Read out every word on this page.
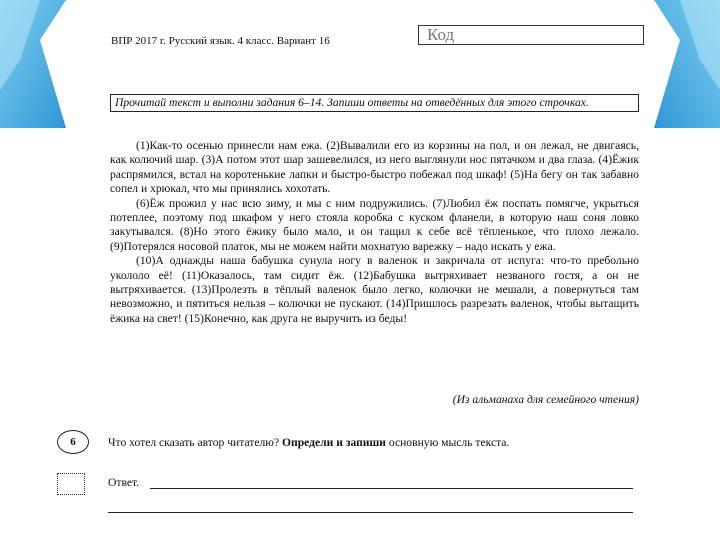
ВПР 2017 г. Русский язык. 4 класс. Вариант 16	Код
Прочитай текст и выполни задания 6–14. Запиши ответы на отведённых для этого строчках.

(1)Как-то осенью принесли нам ежа. (2)Вывалили его из корзины на пол, и он лежал, не двигаясь, как колючий шар. (3)А потом этот шар зашевелился, из него выглянули нос пятачком и два глаза. (4)Ёжик распрямился, встал на коротенькие лапки и быстро-быстро побежал под шкаф! (5)На бегу он так забавно сопел и хрюкал, что мы принялись хохотать.

(6)Ёж прожил у нас всю зиму, и мы с ним подружились. (7)Любил ёж поспать помягче, укрыться потеплее, поэтому под шкафом у него стояла коробка с куском фланели, в которую наш соня ловко закутывался. (8)Но этого ёжику было мало, и он тащил к себе всё тёпленькое, что плохо лежало. (9)Потерялся носовой платок, мы не можем найти мохнатую варежку – надо искать у ежа.

(10)А однажды наша бабушка сунула ногу в валенок и закричала от испуга: что-то пребольно укололо её! (11)Оказалось, там сидит ёж. (12)Бабушка вытряхивает незваного гостя, а он не вытряхивается. (13)Пролезть в тёплый валенок было легко, колючки не мешали, а повернуться там невозможно, и пятиться нельзя – колючки не пускают. (14)Пришлось разрезать валенок, чтобы вытащить ёжика на свет! (15)Конечно, как друга не выручить из беды!

(Из альманаха для семейного чтения)
6	Что хотел сказать автор читателю? Определи и запиши основную мысль текста.
Ответ.
